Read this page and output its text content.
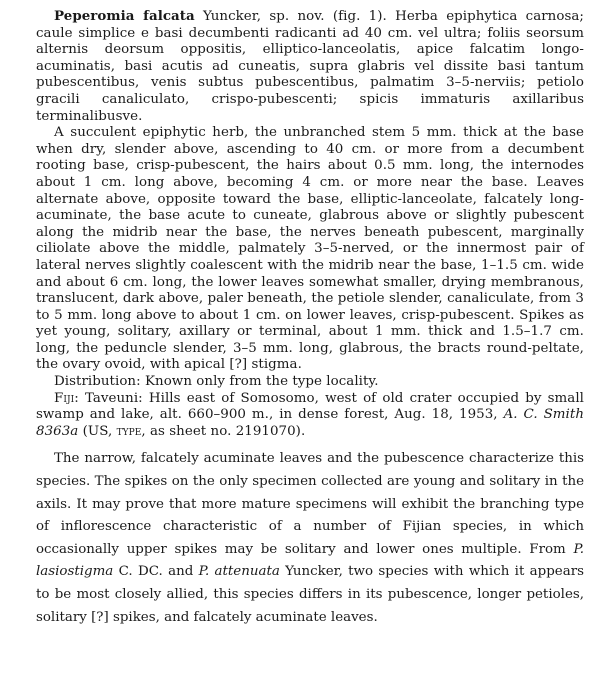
Peperomia falcata Yuncker, sp. nov. (fig. 1). Herba epiphytica carnosa; caule simplice e basi decumbenti radicanti ad 40 cm. vel ultra; foliis seorsum alternis deorsum oppositis, elliptico-lanceolatis, apice falcatim longo-acuminatis, basi acutis ad cuneatis, supra glabris vel dissite basi tantum pubescentibus, venis subtus pubescentibus, palmatim 3–5-nerviis; petiolo gracili canaliculato, crispo-pubescenti; spicis immaturis axillaribus terminalibusve.

A succulent epiphytic herb, the unbranched stem 5 mm. thick at the base when dry, slender above, ascending to 40 cm. or more from a decumbent rooting base, crisp-pubescent, the hairs about 0.5 mm. long, the internodes about 1 cm. long above, becoming 4 cm. or more near the base. Leaves alternate above, opposite toward the base, elliptic-lanceolate, falcately long-acuminate, the base acute to cuneate, glabrous above or slightly pubescent along the midrib near the base, the nerves beneath pubescent, marginally ciliolate above the middle, palmately 3–5-nerved, or the innermost pair of lateral nerves slightly coalescent with the midrib near the base, 1–1.5 cm. wide and about 6 cm. long, the lower leaves somewhat smaller, drying membranous, translucent, dark above, paler beneath, the petiole slender, canaliculate, from 3 to 5 mm. long above to about 1 cm. on lower leaves, crisp-pubescent. Spikes as yet young, solitary, axillary or terminal, about 1 mm. thick and 1.5–1.7 cm. long, the peduncle slender, 3–5 mm. long, glabrous, the bracts round-peltate, the ovary ovoid, with apical [?] stigma.

Distribution: Known only from the type locality.

Fiji: Taveuni: Hills east of Somosomo, west of old crater occupied by small swamp and lake, alt. 660–900 m., in dense forest, Aug. 18, 1953, A. C. Smith 8363a (US, type, as sheet no. 2191070).

The narrow, falcately acuminate leaves and the pubescence characterize this species. The spikes on the only specimen collected are young and solitary in the axils. It may prove that more mature specimens will exhibit the branching type of inflorescence characteristic of a number of Fijian species, in which occasionally upper spikes may be solitary and lower ones multiple. From P. lasiostigma C. DC. and P. attenuata Yuncker, two species with which it appears to be most closely allied, this species differs in its pubescence, longer petioles, solitary [?] spikes, and falcately acuminate leaves.
